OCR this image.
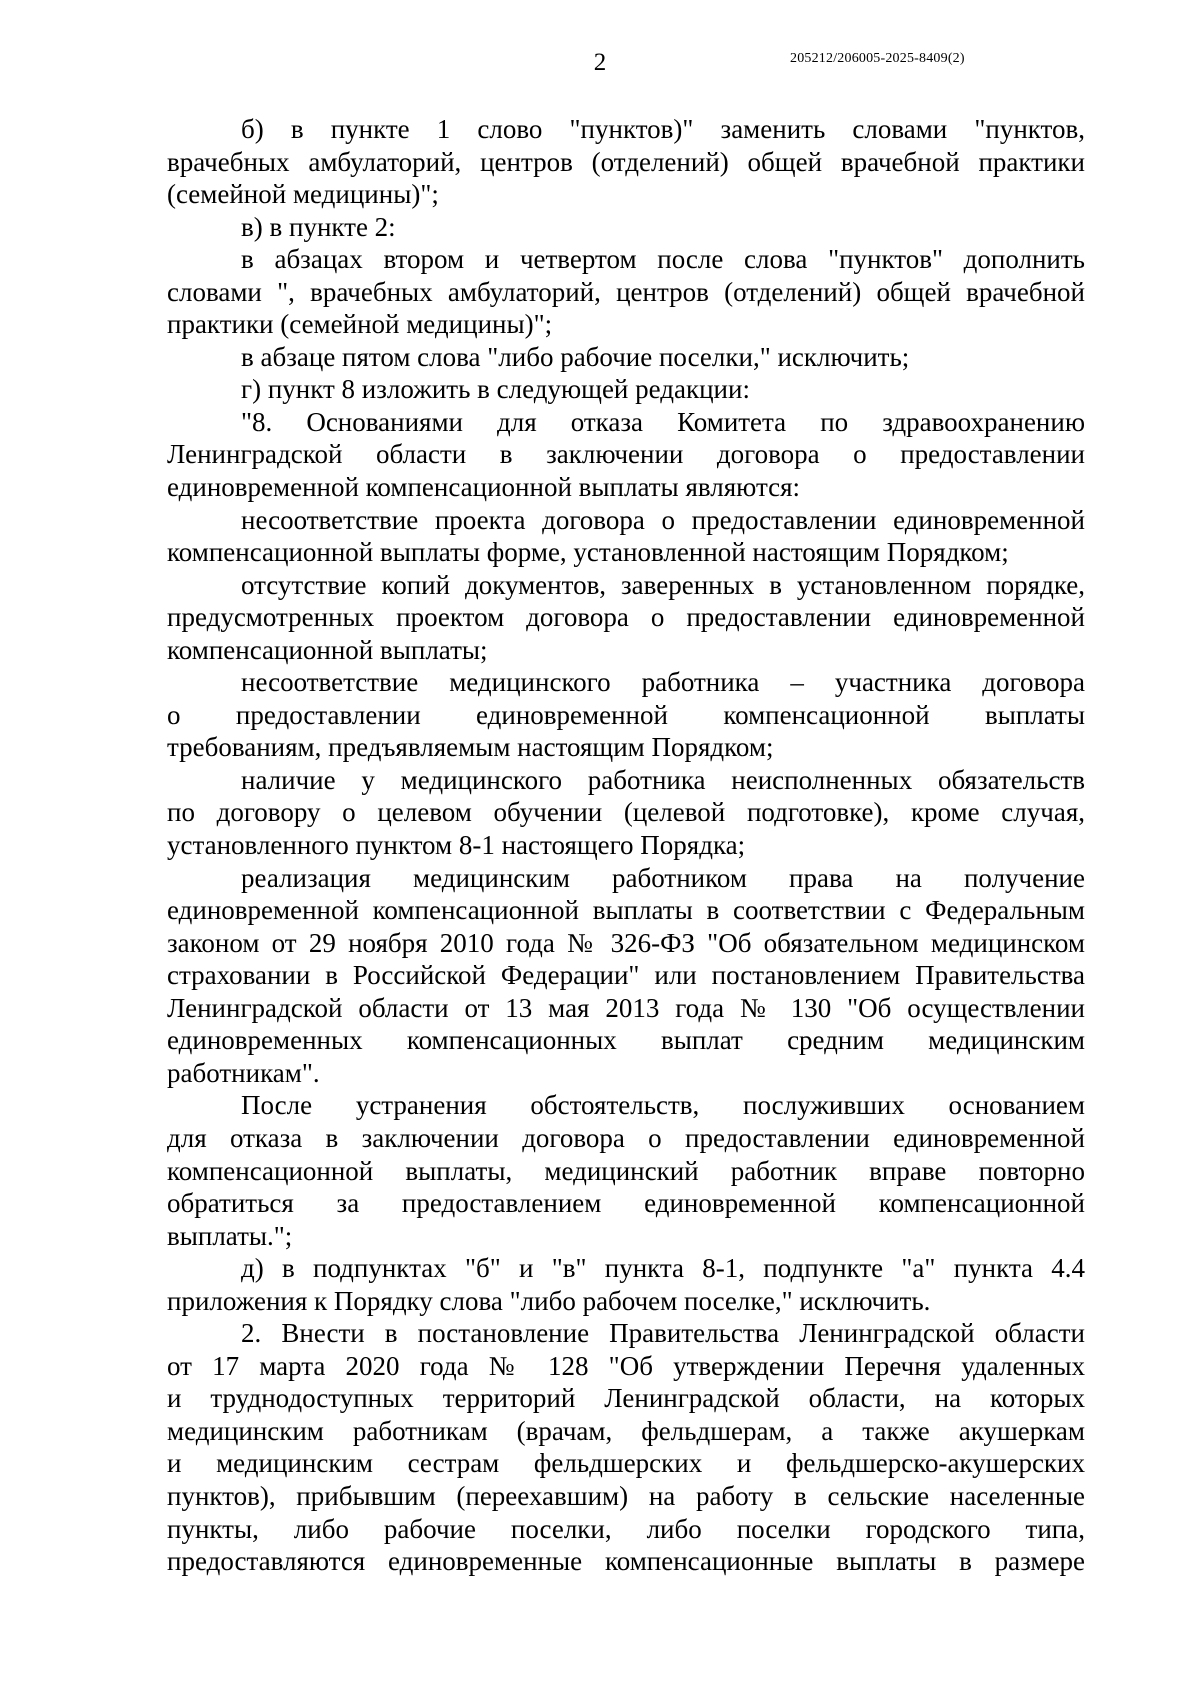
2	205212/206005-2025-8409(2)
б) в пункте 1 слово "пунктов)" заменить словами "пунктов,
врачебных амбулаторий, центров (отделений) общей врачебной практики
(семейной медицины)";
в) в пункте 2:
в абзацах втором и четвертом после слова "пунктов" дополнить
словами ", врачебных амбулаторий, центров (отделений) общей врачебной
практики (семейной медицины)";
в абзаце пятом слова "либо рабочие поселки," исключить;
г) пункт 8 изложить в следующей редакции:
"8. Основаниями для отказа Комитета по здравоохранению
Ленинградской области в заключении договора о предоставлении
единовременной компенсационной выплаты являются:
несоответствие проекта договора о предоставлении единовременной
компенсационной выплаты форме, установленной настоящим Порядком;
отсутствие копий документов, заверенных в установленном порядке,
предусмотренных проектом договора о предоставлении единовременной
компенсационной выплаты;
несоответствие медицинского работника – участника договора
о предоставлении единовременной компенсационной выплаты
требованиям, предъявляемым настоящим Порядком;
наличие у медицинского работника неисполненных обязательств
по договору о целевом обучении (целевой подготовке), кроме случая,
установленного пунктом 8-1 настоящего Порядка;
реализация медицинским работником права на получение
единовременной компенсационной выплаты в соответствии с Федеральным
законом от 29 ноября 2010 года № 326-ФЗ "Об обязательном медицинском
страховании в Российской Федерации" или постановлением Правительства
Ленинградской области от 13 мая 2013 года № 130 "Об осуществлении
единовременных компенсационных выплат средним медицинским
работникам".
После устранения обстоятельств, послуживших основанием
для отказа в заключении договора о предоставлении единовременной
компенсационной выплаты, медицинский работник вправе повторно
обратиться за предоставлением единовременной компенсационной
выплаты.";
д) в подпунктах "б" и "в" пункта 8-1, подпункте "а" пункта 4.4
приложения к Порядку слова "либо рабочем поселке," исключить.
2. Внести в постановление Правительства Ленинградской области
от 17 марта 2020 года № 128 "Об утверждении Перечня удаленных
и труднодоступных территорий Ленинградской области, на которых
медицинским работникам (врачам, фельдшерам, а также акушеркам
и медицинским сестрам фельдшерских и фельдшерско-акушерских
пунктов), прибывшим (переехавшим) на работу в сельские населенные
пункты, либо рабочие поселки, либо поселки городского типа,
предоставляются единовременные компенсационные выплаты в размере
